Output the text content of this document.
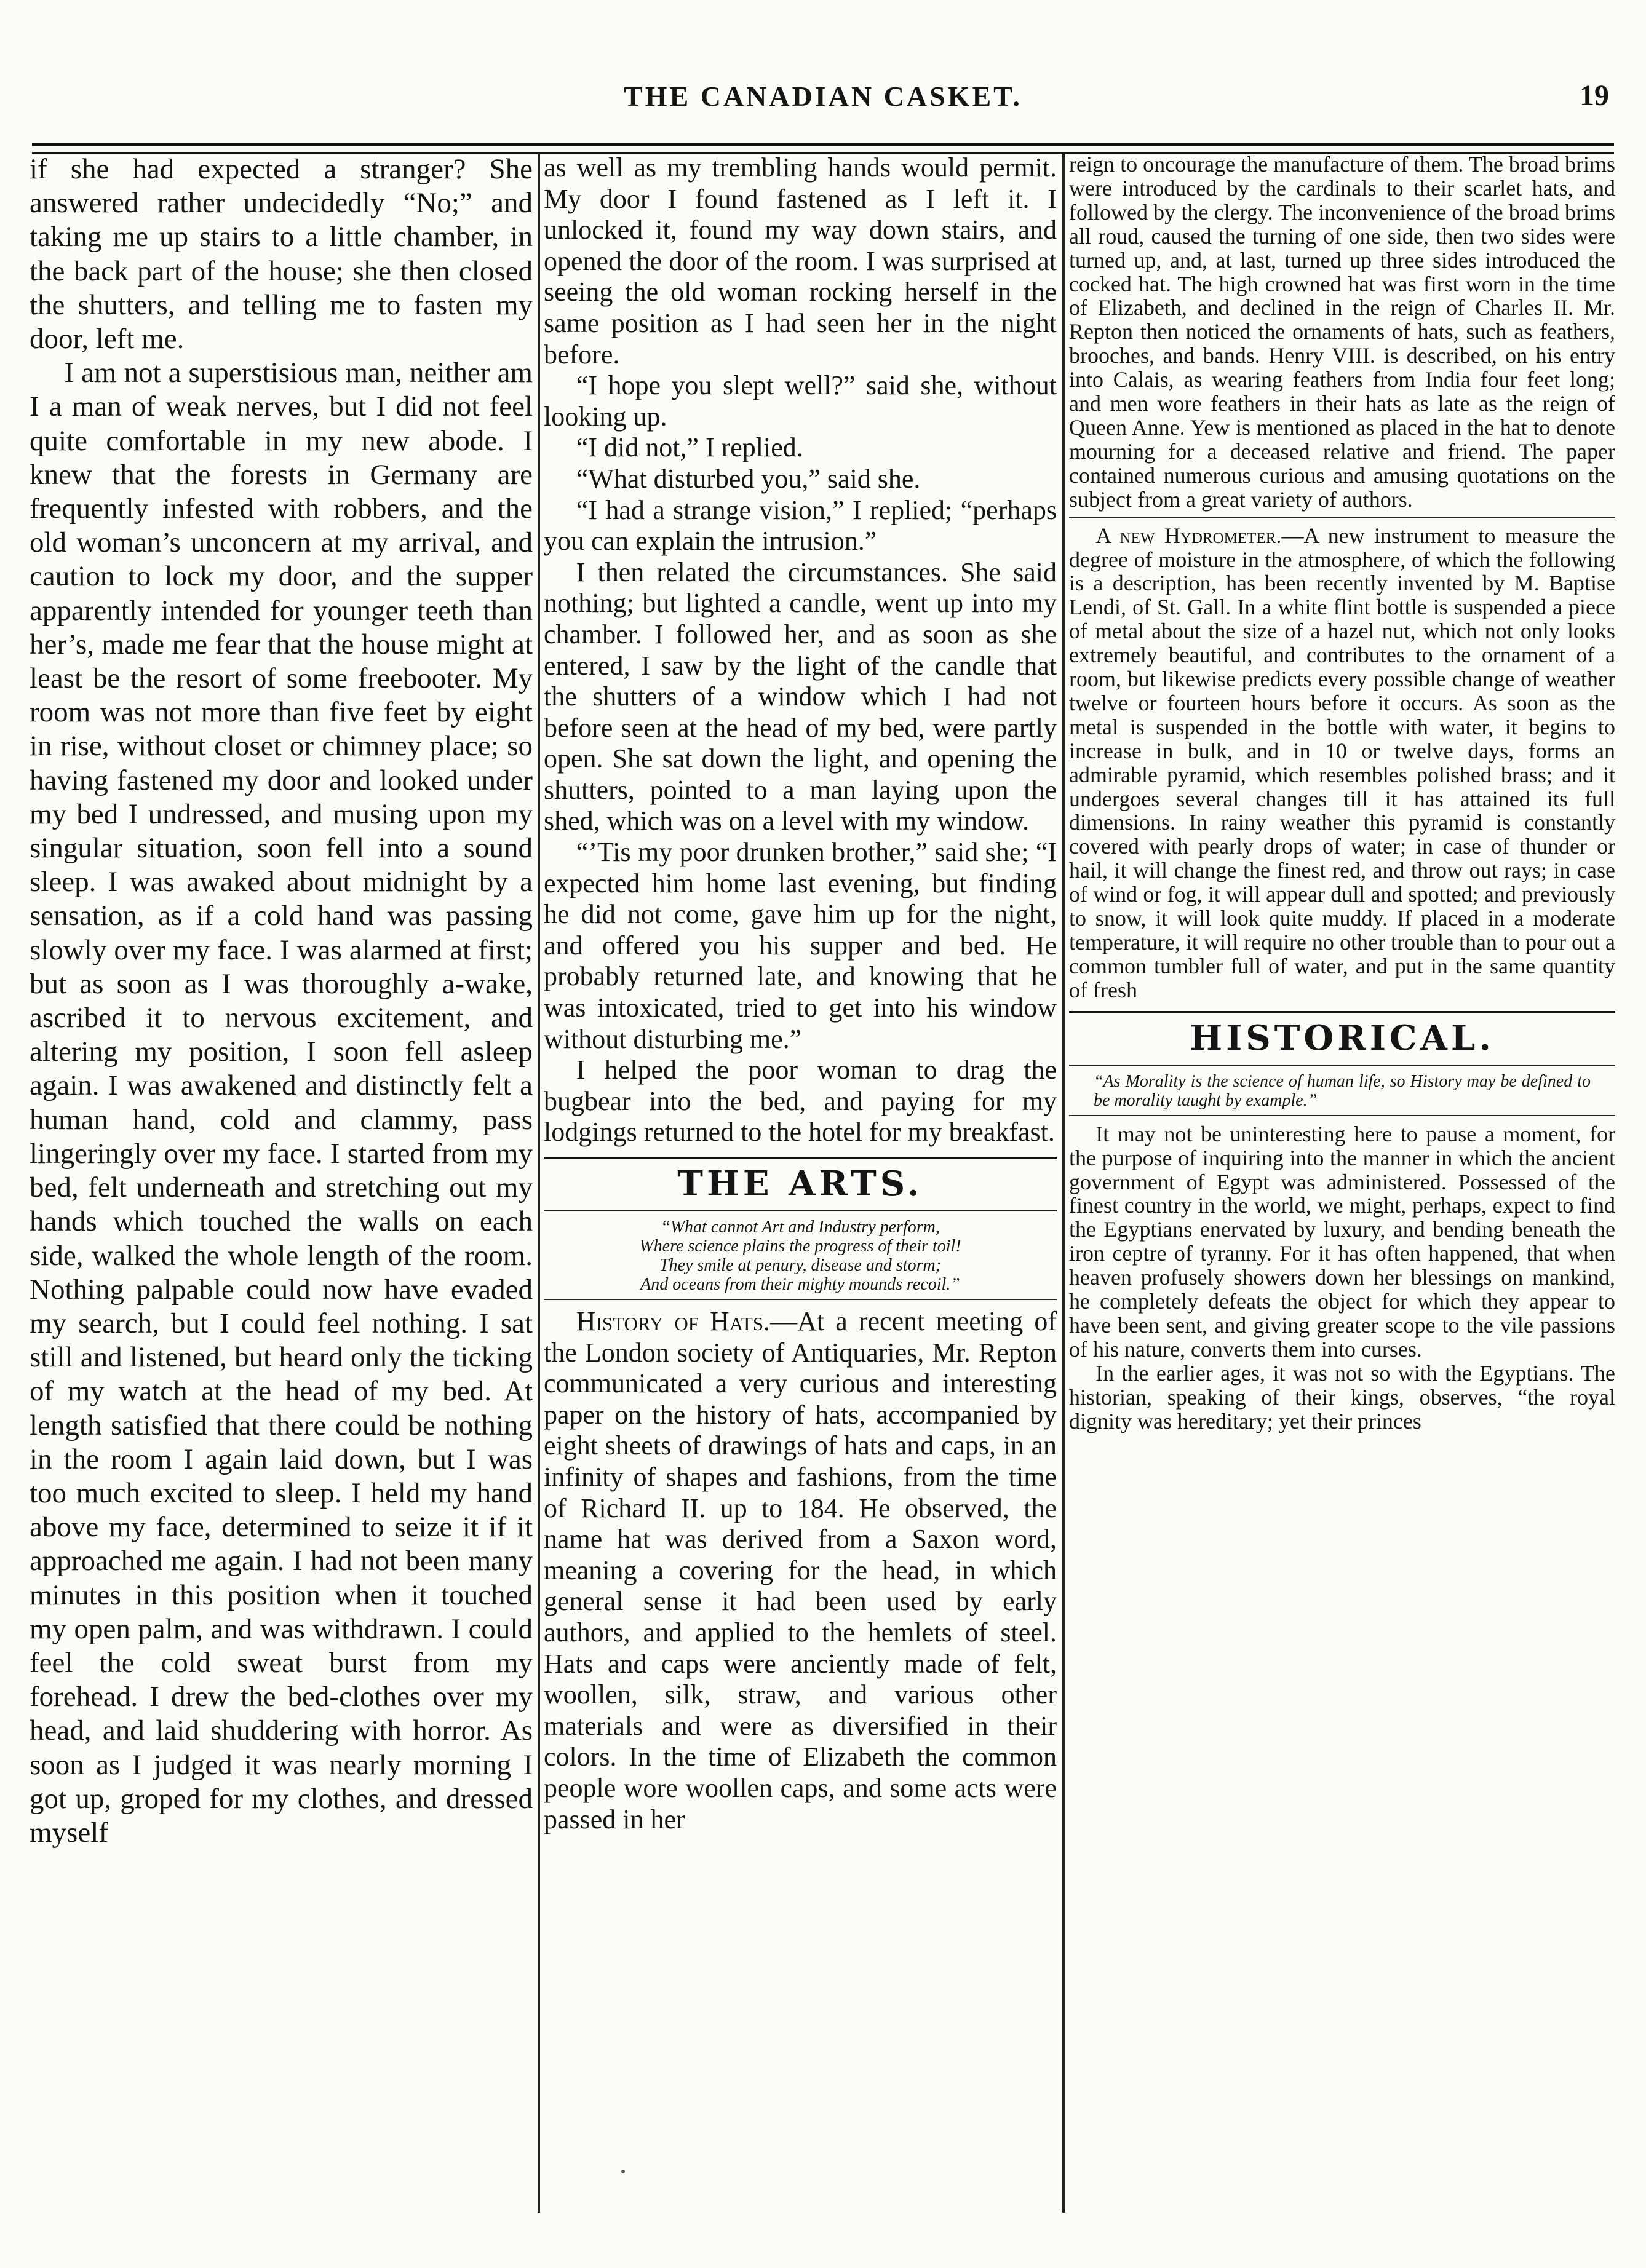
THE CANADIAN CASKET.	19

if she had expected a stranger? She answered rather undecidedly “No;” and taking me up stairs to a little chamber, in the back part of the house; she then closed the shutters, and telling me to fasten my door, left me.

I am not a superstisious man, neither am I a man of weak nerves, but I did not feel quite comfortable in my new abode. I knew that the forests in Germany are frequently infested with robbers, and the old woman’s unconcern at my arrival, and caution to lock my door, and the supper apparently intended for younger teeth than her’s, made me fear that the house might at least be the resort of some freebooter. My room was not more than five feet by eight in rise, without closet or chimney place; so having fastened my door and looked under my bed I undressed, and musing upon my singular situation, soon fell into a sound sleep. I was awaked about midnight by a sensation, as if a cold hand was passing slowly over my face. I was alarmed at first; but as soon as I was thoroughly a-wake, ascribed it to nervous excitement, and altering my position, I soon fell asleep again. I was awakened and distinctly felt a human hand, cold and clammy, pass lingeringly over my face. I started from my bed, felt underneath and stretching out my hands which touched the walls on each side, walked the whole length of the room. Nothing palpable could now have evaded my search, but I could feel nothing. I sat still and listened, but heard only the ticking of my watch at the head of my bed. At length satisfied that there could be nothing in the room I again laid down, but I was too much excited to sleep. I held my hand above my face, determined to seize it if it approached me again. I had not been many minutes in this position when it touched my open palm, and was withdrawn. I could feel the cold sweat burst from my forehead. I drew the bed-clothes over my head, and laid shuddering with horror. As soon as I judged it was nearly morning I got up, groped for my clothes, and dressed myself

as well as my trembling hands would permit. My door I found fastened as I left it. I unlocked it, found my way down stairs, and opened the door of the room. I was surprised at seeing the old woman rocking herself in the same position as I had seen her in the night before.

“I hope you slept well?” said she, without looking up.

“I did not,” I replied.

“What disturbed you,” said she.

“I had a strange vision,” I replied; “perhaps you can explain the intrusion.”

I then related the circumstances. She said nothing; but lighted a candle, went up into my chamber. I followed her, and as soon as she entered, I saw by the light of the candle that the shutters of a window which I had not before seen at the head of my bed, were partly open. She sat down the light, and opening the shutters, pointed to a man laying upon the shed, which was on a level with my window.

“’Tis my poor drunken brother,” said she; “I expected him home last evening, but finding he did not come, gave him up for the night, and offered you his supper and bed. He probably returned late, and knowing that he was intoxicated, tried to get into his window without disturbing me.”

I helped the poor woman to drag the bugbear into the bed, and paying for my lodgings returned to the hotel for my breakfast.

THE ARTS.
“What cannot Art and Industry perform,
Where science plains the progress of their toil!
They smile at penury, disease and storm;
And oceans from their mighty mounds recoil.”

History of Hats.—At a recent meeting of the London society of Antiquaries, Mr. Repton communicated a very curious and interesting paper on the history of hats, accompanied by eight sheets of drawings of hats and caps, in an infinity of shapes and fashions, from the time of Richard II. up to 184. He observed, the name hat was derived from a Saxon word, meaning a covering for the head, in which general sense it had been used by early authors, and applied to the hemlets of steel. Hats and caps were anciently made of felt, woollen, silk, straw, and various other materials and were as diversified in their colors. In the time of Elizabeth the common people wore woollen caps, and some acts were passed in her

reign to oncourage the manufacture of them. The broad brims were introduced by the cardinals to their scarlet hats, and followed by the clergy. The inconvenience of the broad brims all roud, caused the turning of one side, then two sides were turned up, and, at last, turned up three sides introduced the cocked hat. The high crowned hat was first worn in the time of Elizabeth, and declined in the reign of Charles II. Mr. Repton then noticed the ornaments of hats, such as feathers, brooches, and bands. Henry VIII. is described, on his entry into Calais, as wearing feathers from India four feet long; and men wore feathers in their hats as late as the reign of Queen Anne. Yew is mentioned as placed in the hat to denote mourning for a deceased relative and friend. The paper contained numerous curious and amusing quotations on the subject from a great variety of authors.

A new Hydrometer.—A new instrument to measure the degree of moisture in the atmosphere, of which the following is a description, has been recently invented by M. Baptise Lendi, of St. Gall. In a white flint bottle is suspended a piece of metal about the size of a hazel nut, which not only looks extremely beautiful, and contributes to the ornament of a room, but likewise predicts every possible change of weather twelve or fourteen hours before it occurs. As soon as the metal is suspended in the bottle with water, it begins to increase in bulk, and in 10 or twelve days, forms an admirable pyramid, which resembles polished brass; and it undergoes several changes till it has attained its full dimensions. In rainy weather this pyramid is constantly covered with pearly drops of water; in case of thunder or hail, it will change the finest red, and throw out rays; in case of wind or fog, it will appear dull and spotted; and previously to snow, it will look quite muddy. If placed in a moderate temperature, it will require no other trouble than to pour out a common tumbler full of water, and put in the same quantity of fresh

HISTORICAL.
“As Morality is the science of human life, so History may be defined to be morality taught by example.”

It may not be uninteresting here to pause a moment, for the purpose of inquiring into the manner in which the ancient government of Egypt was administered. Possessed of the finest country in the world, we might, perhaps, expect to find the Egyptians enervated by luxury, and bending beneath the iron ceptre of tyranny. For it has often happened, that when heaven profusely showers down her blessings on mankind, he completely defeats the object for which they appear to have been sent, and giving greater scope to the vile passions of his nature, converts them into curses.

In the earlier ages, it was not so with the Egyptians. The historian, speaking of their kings, observes, “the royal dignity was hereditary; yet their princes
